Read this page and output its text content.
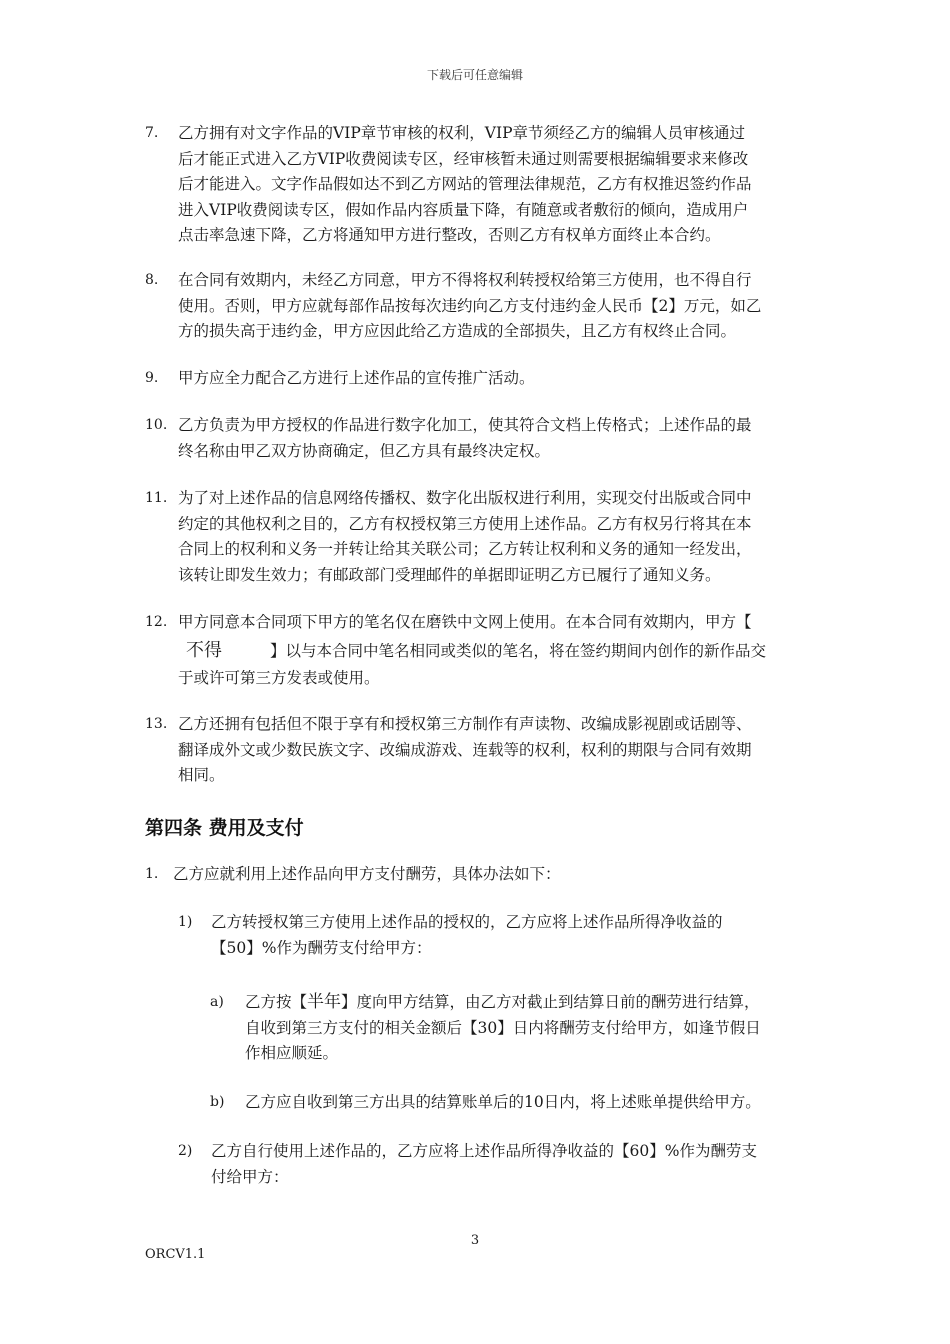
下载后可任意编辑
7. 乙方拥有对文字作品的VIP章节审核的权利，VIP章节须经乙方的编辑人员审核通过
后才能正式进入乙方VIP收费阅读专区，经审核暂未通过则需要根据编辑要求来修改
后才能进入。文字作品假如达不到乙方网站的管理法律规范，乙方有权推迟签约作品
进入VIP收费阅读专区，假如作品内容质量下降，有随意或者敷衍的倾向，造成用户
点击率急速下降，乙方将通知甲方进行整改，否则乙方有权单方面终止本合约。
8. 在合同有效期内，未经乙方同意，甲方不得将权利转授权给第三方使用，也不得自行
使用。否则，甲方应就每部作品按每次违约向乙方支付违约金人民币【2】万元，如乙
方的损失高于违约金，甲方应因此给乙方造成的全部损失，且乙方有权终止合同。
9. 甲方应全力配合乙方进行上述作品的宣传推广活动。
10. 乙方负责为甲方授权的作品进行数字化加工，使其符合文档上传格式；上述作品的最
终名称由甲乙双方协商确定，但乙方具有最终决定权。
11. 为了对上述作品的信息网络传播权、数字化出版权进行利用，实现交付出版或合同中
约定的其他权利之目的，乙方有权授权第三方使用上述作品。乙方有权另行将其在本
合同上的权利和义务一并转让给其关联公司；乙方转让权利和义务的通知一经发出，
该转让即发生效力；有邮政部门受理邮件的单据即证明乙方已履行了通知义务。
12. 甲方同意本合同项下甲方的笔名仅在磨铁中文网上使用。在本合同有效期内，甲方【
不得	】以与本合同中笔名相同或类似的笔名，将在签约期间内创作的新作品交
于或许可第三方发表或使用。
13. 乙方还拥有包括但不限于享有和授权第三方制作有声读物、改编成影视剧或话剧等、
翻译成外文或少数民族文字、改编成游戏、连载等的权利，权利的期限与合同有效期
相同。
第四条 费用及支付
1. 乙方应就利用上述作品向甲方支付酬劳，具体办法如下：
1) 乙方转授权第三方使用上述作品的授权的，乙方应将上述作品所得净收益的
【50】%作为酬劳支付给甲方：
a) 乙方按【半年】度向甲方结算，由乙方对截止到结算日前的酬劳进行结算，
自收到第三方支付的相关金额后【30】日内将酬劳支付给甲方，如逢节假日
作相应顺延。
b) 乙方应自收到第三方出具的结算账单后的10日内，将上述账单提供给甲方。
2) 乙方自行使用上述作品的，乙方应将上述作品所得净收益的【60】%作为酬劳支
付给甲方：
3
ORCV1.1
